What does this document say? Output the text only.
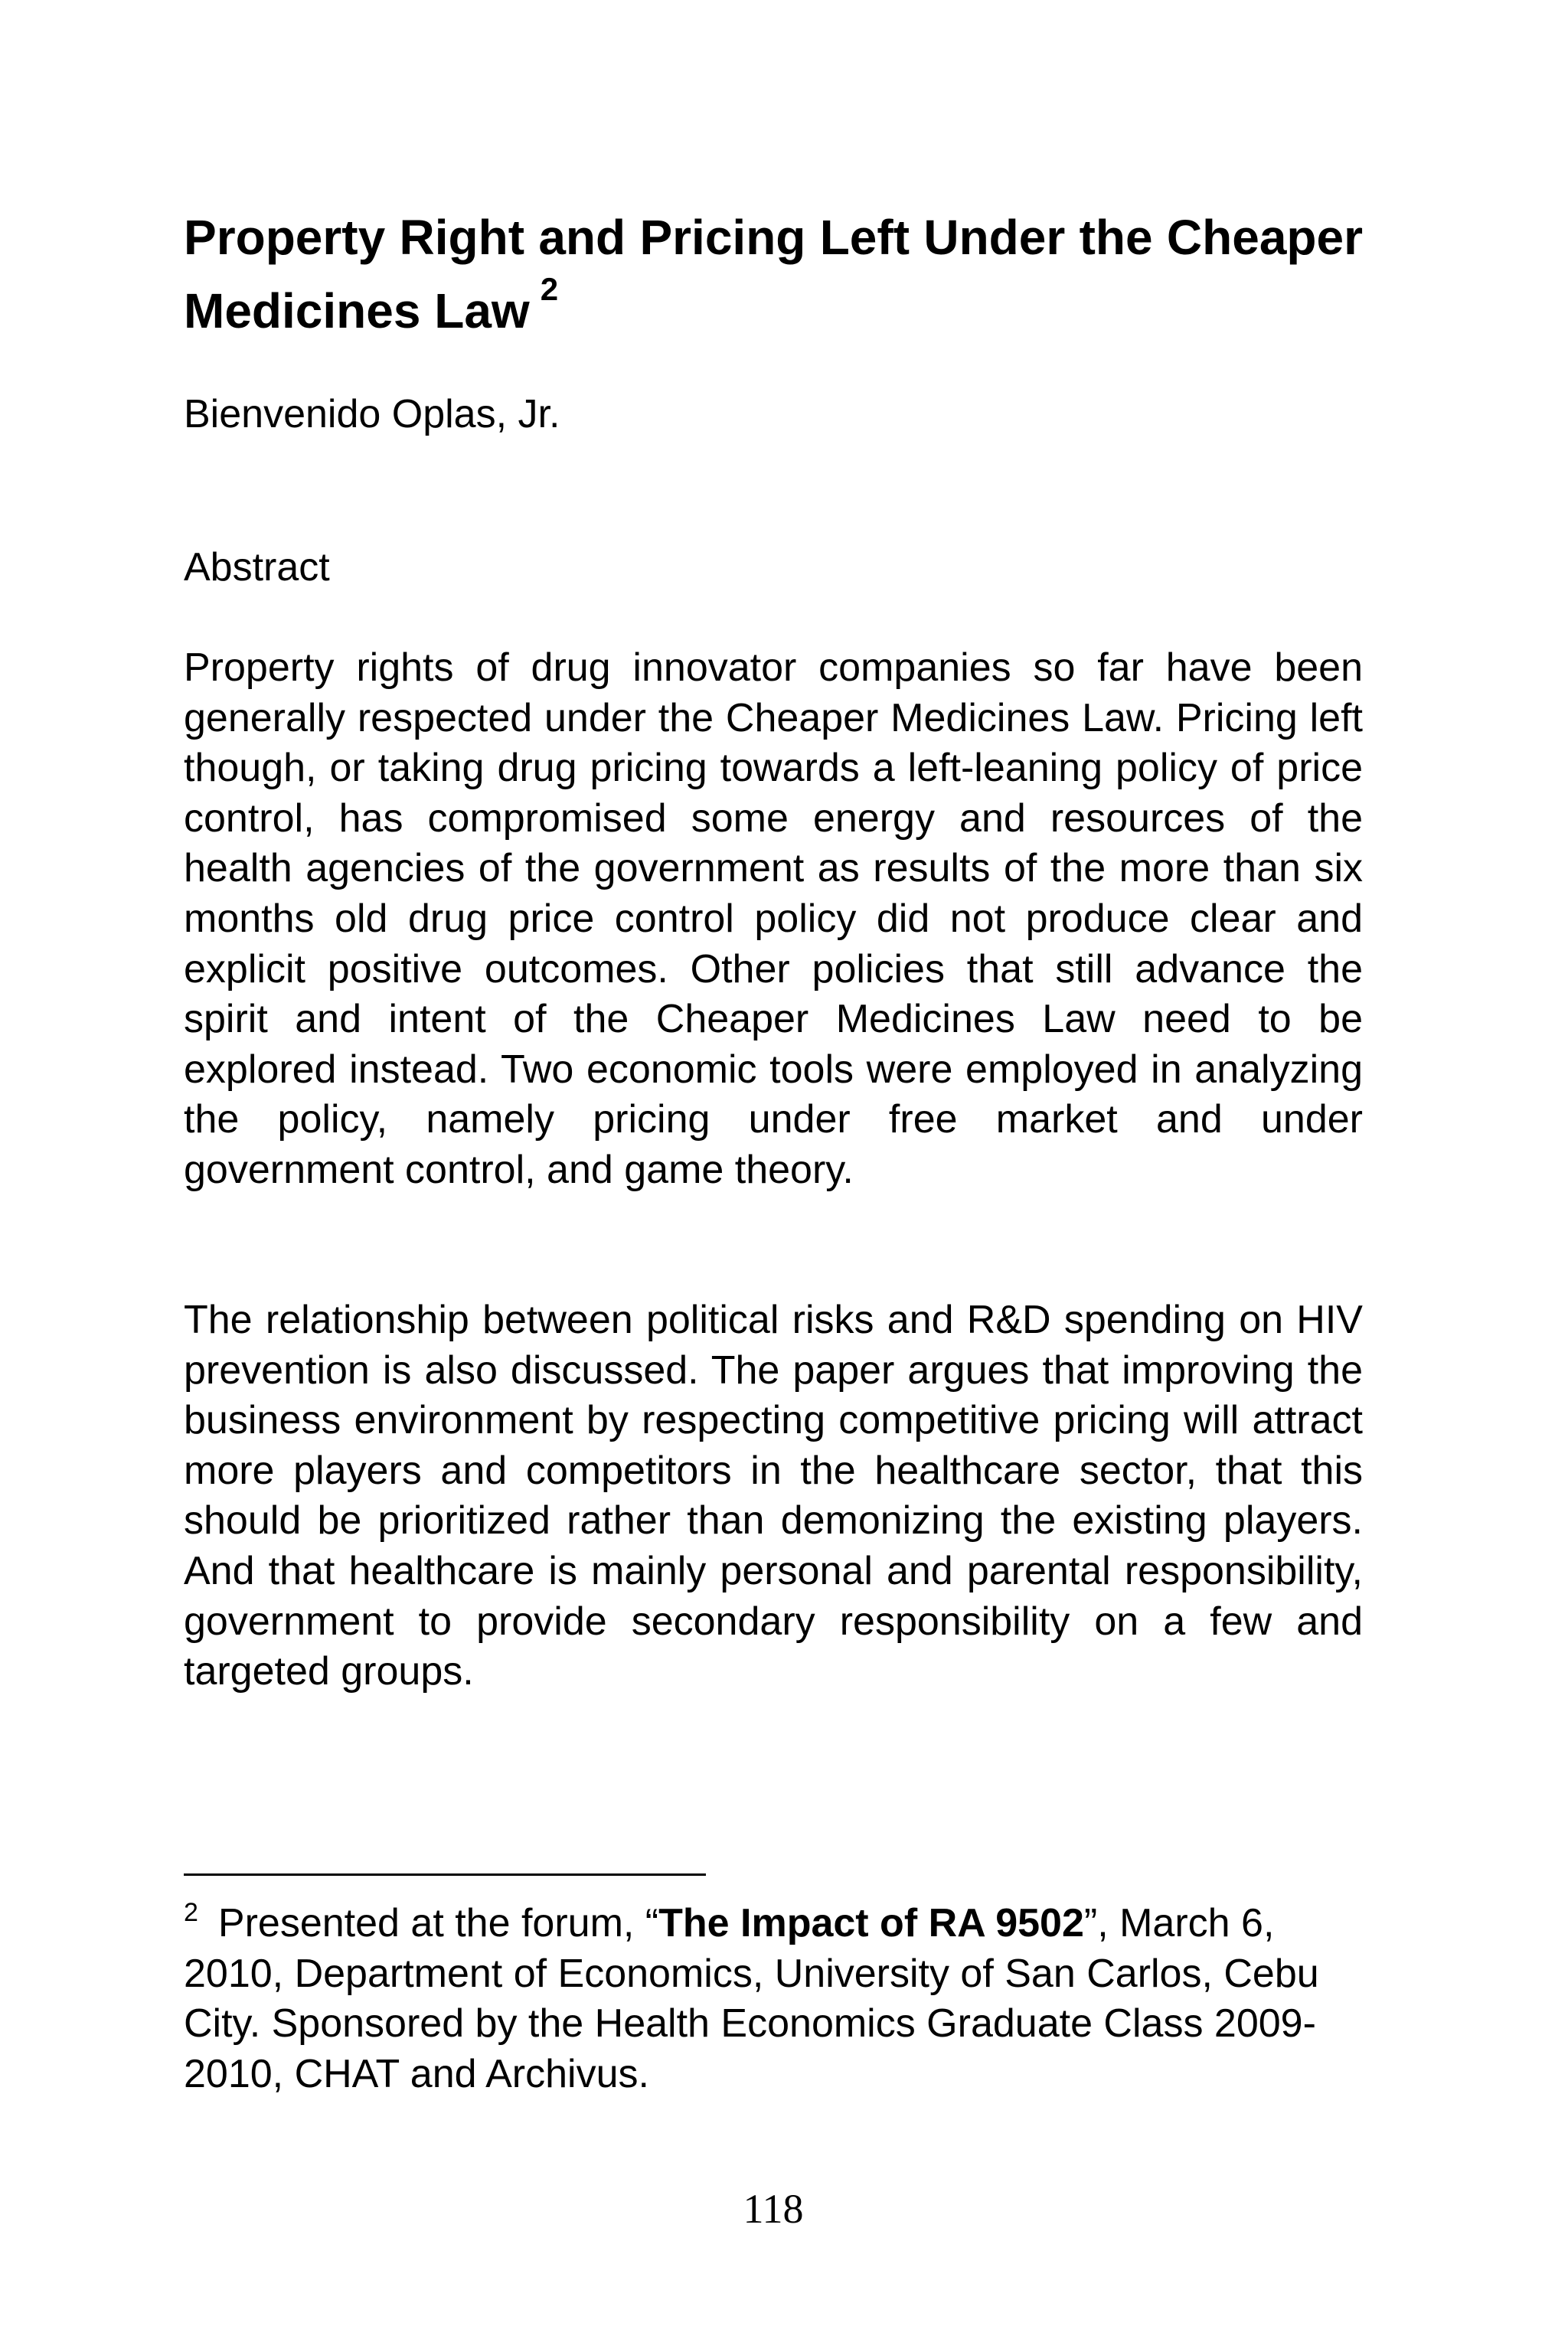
Property Right and Pricing Left Under the Cheaper Medicines Law $^2$

Bienvenido Oplas, Jr.

Abstract

Property rights of drug innovator companies so far have been generally respected under the Cheaper Medicines Law. Pricing left though, or taking drug pricing towards a left-leaning policy of price control, has compromised some energy and resources of the health agencies of the government as results of the more than six months old drug price control policy did not produce clear and explicit positive outcomes. Other policies that still advance the spirit and intent of the Cheaper Medicines Law need to be explored instead. Two economic tools were employed in analyzing the policy, namely pricing under free market and under government control, and game theory.

The relationship between political risks and R&D spending on HIV prevention is also discussed. The paper argues that improving the business environment by respecting competitive pricing will attract more players and competitors in the healthcare sector, that this should be prioritized rather than demonizing the existing players. And that healthcare is mainly personal and parental responsibility, government to provide secondary responsibility on a few and targeted groups.

$^2$ Presented at the forum, “The Impact of RA 9502”, March 6, 2010, Department of Economics, University of San Carlos, Cebu City. Sponsored by the Health Economics Graduate Class 2009-2010, CHAT and Archivus.

118
